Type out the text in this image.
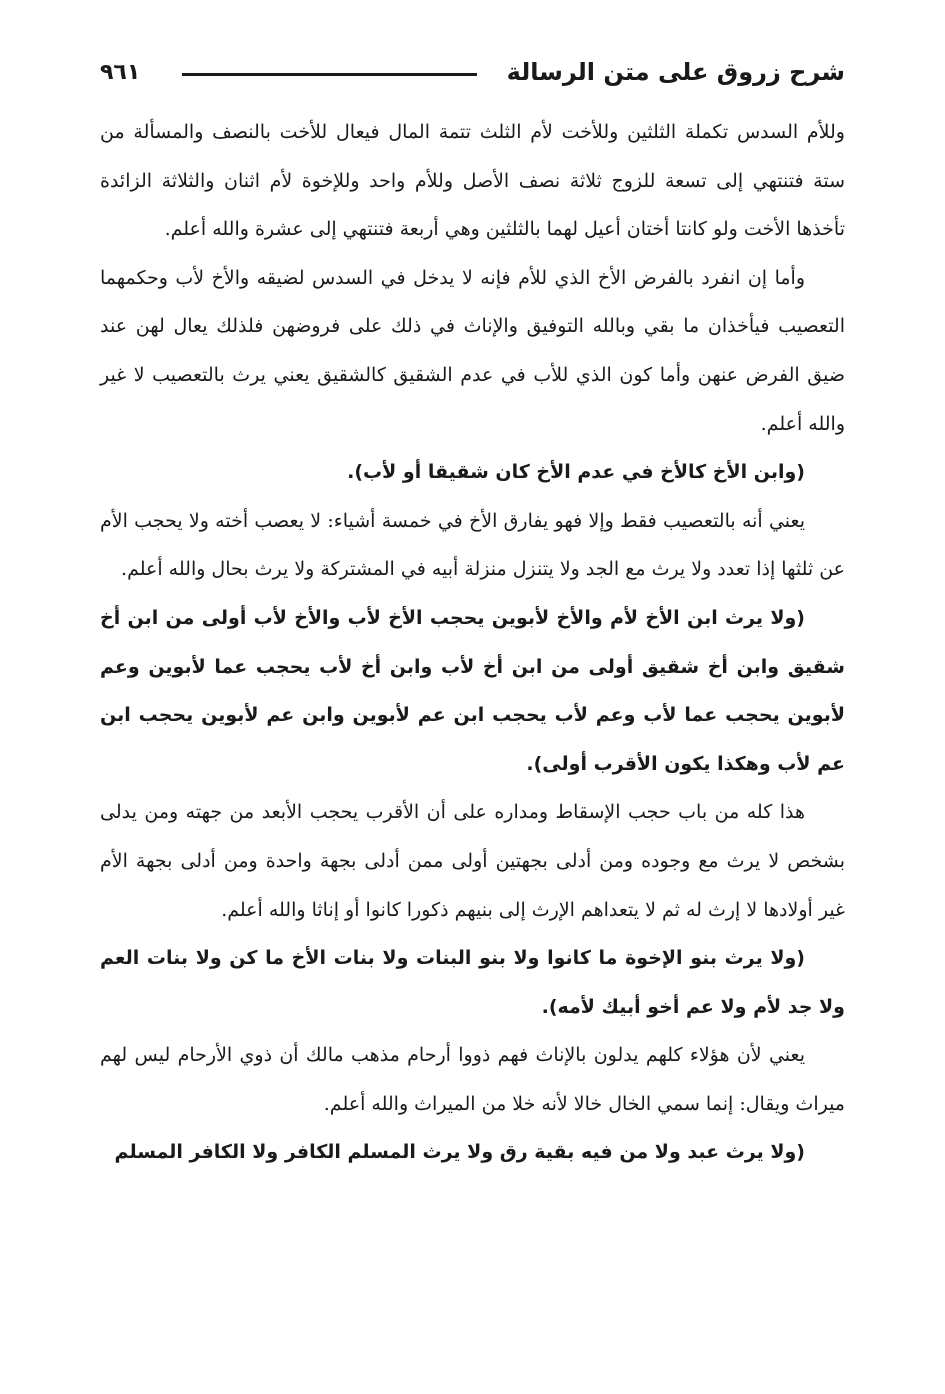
شرح زروق على متن الرسالة
٩٦١

وللأم السدس تكملة الثلثين وللأخت لأم الثلث تتمة المال فيعال للأخت بالنصف والمسألة من ستة فتنتهي إلى تسعة للزوج ثلاثة نصف الأصل وللأم واحد وللإخوة لأم اثنان والثلاثة الزائدة تأخذها الأخت ولو كانتا أختان أعيل لهما بالثلثين وهي أربعة فتنتهي إلى عشرة والله أعلم.

وأما إن انفرد بالفرض الأخ الذي للأم فإنه لا يدخل في السدس لضيقه والأخ لأب وحكمهما التعصيب فيأخذان ما بقي وبالله التوفيق والإناث في ذلك على فروضهن فلذلك يعال لهن عند ضيق الفرض عنهن وأما كون الذي للأب في عدم الشقيق كالشقيق يعني يرث بالتعصيب لا غير والله أعلم.

(وابن الأخ كالأخ في عدم الأخ كان شقيقا أو لأب).

يعني أنه بالتعصيب فقط وإلا فهو يفارق الأخ في خمسة أشياء: لا يعصب أخته ولا يحجب الأم عن ثلثها إذا تعدد ولا يرث مع الجد ولا يتنزل منزلة أبيه في المشتركة ولا يرث بحال والله أعلم.

(ولا يرث ابن الأخ لأم والأخ لأبوين يحجب الأخ لأب والأخ لأب أولى من ابن أخ شقيق وابن أخ شقيق أولى من ابن أخ لأب وابن أخ لأب يحجب عما لأبوين وعم لأبوين يحجب عما لأب وعم لأب يحجب ابن عم لأبوين وابن عم لأبوين يحجب ابن عم لأب وهكذا يكون الأقرب أولى).

هذا كله من باب حجب الإسقاط ومداره على أن الأقرب يحجب الأبعد من جهته ومن يدلى بشخص لا يرث مع وجوده ومن أدلى بجهتين أولى ممن أدلى بجهة واحدة ومن أدلى بجهة الأم غير أولادها لا إرث له ثم لا يتعداهم الإرث إلى بنيهم ذكورا كانوا أو إناثا والله أعلم.

(ولا يرث بنو الإخوة ما كانوا ولا بنو البنات ولا بنات الأخ ما كن ولا بنات العم ولا جد لأم ولا عم أخو أبيك لأمه).

يعني لأن هؤلاء كلهم يدلون بالإناث فهم ذووا أرحام مذهب مالك أن ذوي الأرحام ليس لهم ميراث ويقال: إنما سمي الخال خالا لأنه خلا من الميراث والله أعلم.

(ولا يرث عبد ولا من فيه بقية رق ولا يرث المسلم الكافر ولا الكافر المسلم
